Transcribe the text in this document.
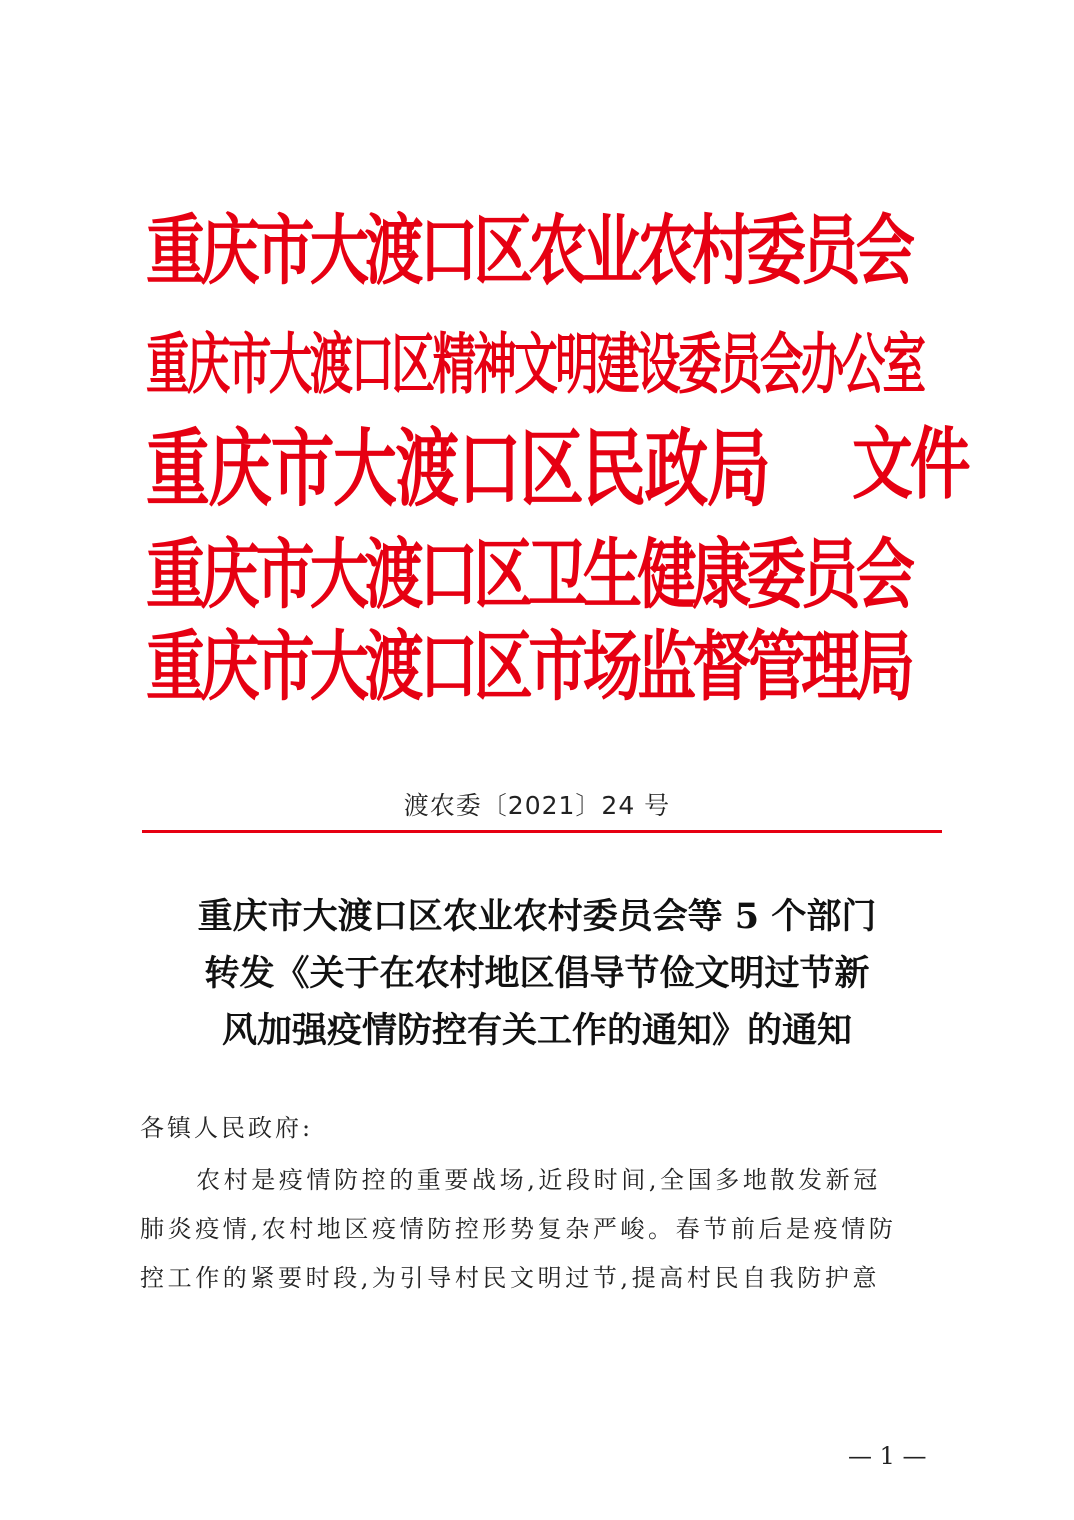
重庆市大渡口区农业农村委员会
重庆市大渡口区精神文明建设委员会办公室
重庆市大渡口区民政局
重庆市大渡口区卫生健康委员会
重庆市大渡口区市场监督管理局
文件
渡农委〔2021〕24 号
重庆市大渡口区农业农村委员会等 5 个部门
转发《关于在农村地区倡导节俭文明过节新
风加强疫情防控有关工作的通知》的通知
各镇人民政府:
农村是疫情防控的重要战场,近段时间,全国多地散发新冠
肺炎疫情,农村地区疫情防控形势复杂严峻。春节前后是疫情防
控工作的紧要时段,为引导村民文明过节,提高村民自我防护意
— 1 —
